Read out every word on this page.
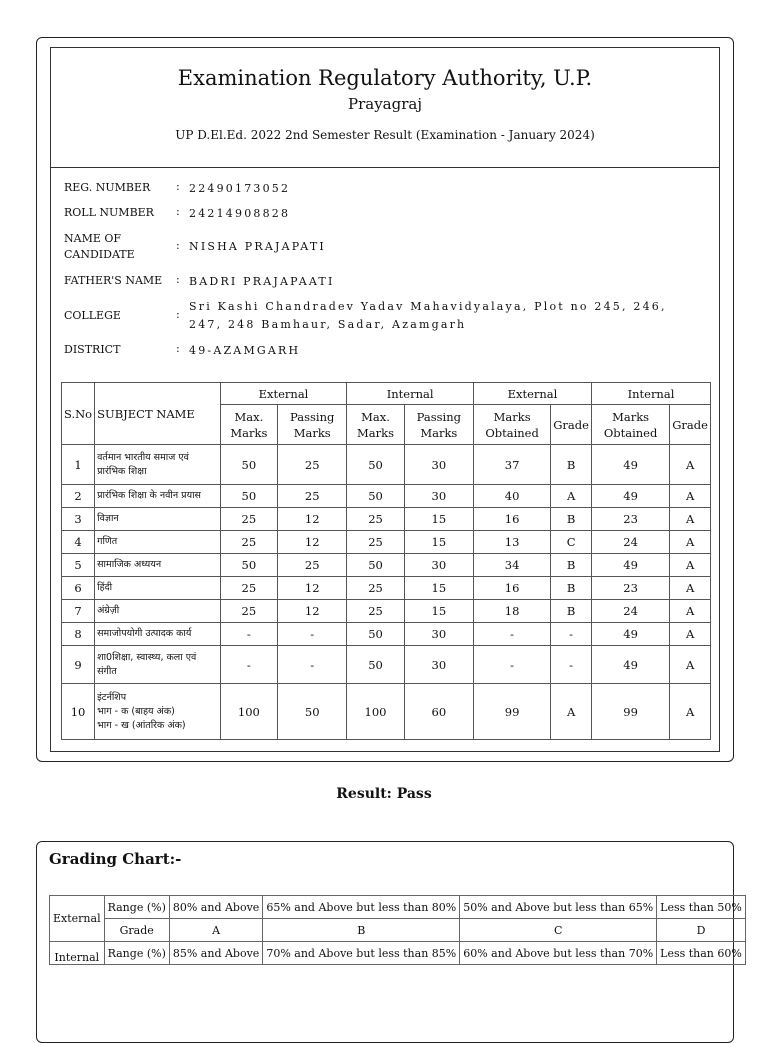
Examination Regulatory Authority, U.P.
Prayagraj
UP D.El.Ed. 2022 2nd Semester Result (Examination - January 2024)
REG. NUMBER	: 22490173052
ROLL NUMBER	: 24214908828
NAME OF CANDIDATE
: NISHA PRAJAPATI
FATHER'S NAME	: BADRI PRAJAPAATI
COLLEGE	:
Sri Kashi Chandradev Yadav Mahavidyalaya, Plot no 245, 246, 247, 248 Bamhaur, Sadar, Azamgarh
DISTRICT	: 49-AZAMGARH
S.No	SUBJECT NAME	External		Internal		External		Internal	
		Max. Marks	Passing Marks	Max. Marks	Passing Marks	Marks Obtained	Grade	Marks Obtained	Grade
1	वर्तमान भारतीय समाज एवं प्रारंभिक शिक्षा	50	25	50	30	37	B	49	A
2	प्रारंभिक शिक्षा के नवीन प्रयास	50	25	50	30	40	A	49	A
3	विज्ञान	25	12	25	15	16	B	23	A
4	गणित	25	12	25	15	13	C	24	A
5	सामाजिक अध्ययन	50	25	50	30	34	B	49	A
6	हिंदी	25	12	25	15	16	B	23	A
7	अंग्रेज़ी	25	12	25	15	18	B	24	A
8	समाजोपयोगी उत्पादक कार्य	-	-	50	30	-	-	49	A
9	शा0शिक्षा, स्वास्थ्य, कला एवं संगीत	-	-	50	30	-	-	49	A
10	इंटर्नशिप
भाग - क (बाहय अंक)
भाग - ख (आंतरिक अंक)	100	50	100	60	99	A	99	A
Result: Pass
Grading Chart:-
External	Range (%)	80% and Above	65% and Above but less than 80%	50% and Above but less than 65%	Less than 50%
	Grade	A	B	C	D
Internal	Range (%)	85% and Above	70% and Above but less than 85%	60% and Above but less than 70%	Less than 60%
